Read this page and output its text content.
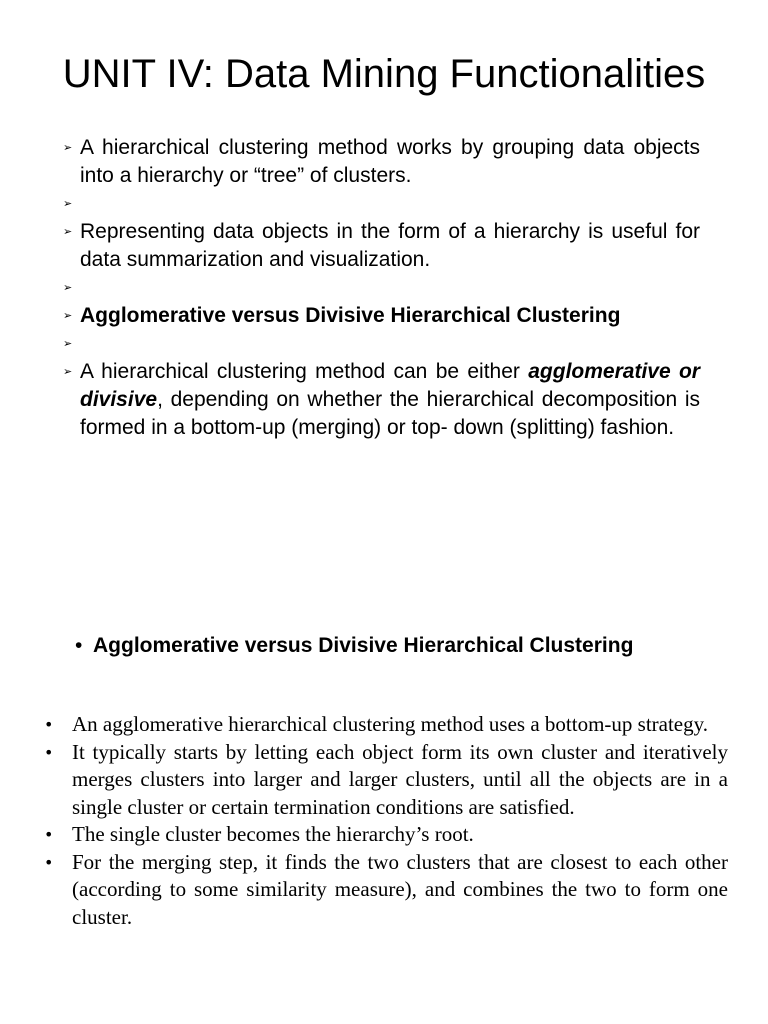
UNIT IV: Data Mining Functionalities
➢ A hierarchical clustering method works by grouping data objects into a hierarchy or “tree” of clusters.
➢
➢ Representing data objects in the form of a hierarchy is useful for data summarization and visualization.
➢
➢ Agglomerative versus Divisive Hierarchical Clustering
➢
➢ A hierarchical clustering method can be either agglomerative or divisive, depending on whether the hierarchical decomposition is formed in a bottom-up (merging) or top- down (splitting) fashion.
• Agglomerative versus Divisive Hierarchical Clustering
• An agglomerative hierarchical clustering method uses a bottom-up strategy.
• It typically starts by letting each object form its own cluster and iteratively merges clusters into larger and larger clusters, until all the objects are in a single cluster or certain termination conditions are satisfied.
• The single cluster becomes the hierarchy’s root.
• For the merging step, it finds the two clusters that are closest to each other (according to some similarity measure), and combines the two to form one cluster.
